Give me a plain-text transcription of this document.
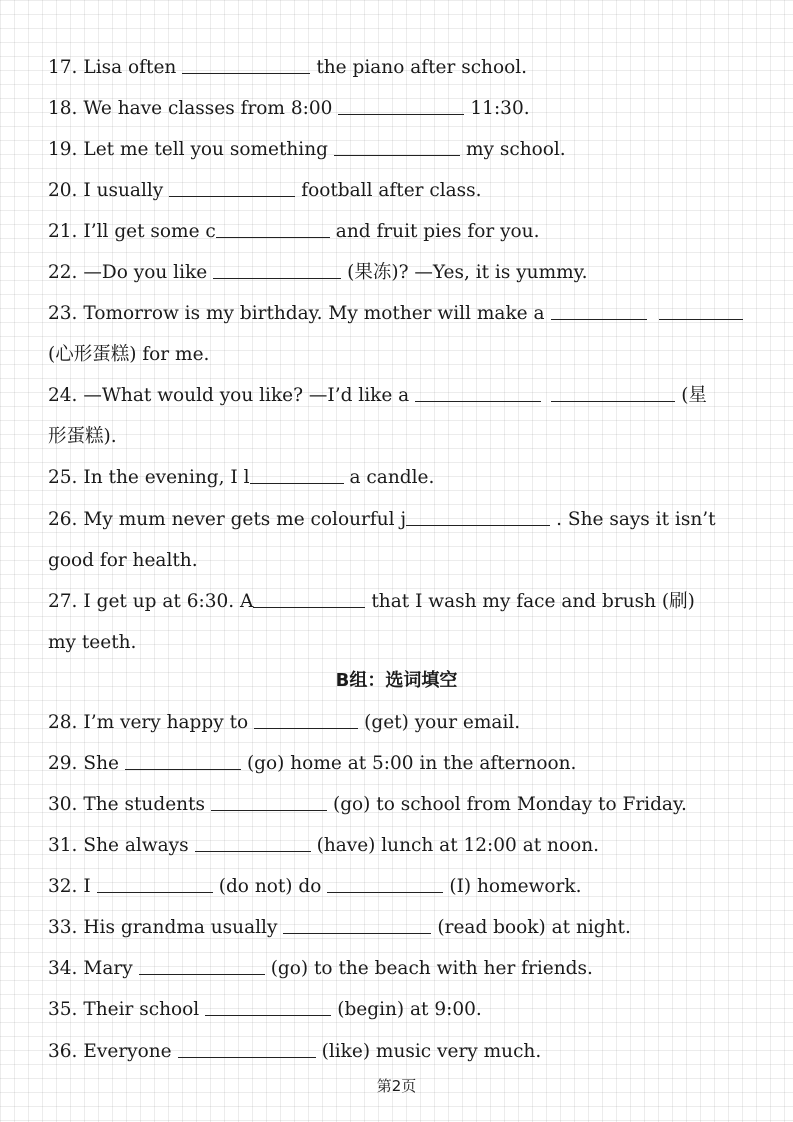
17. Lisa often	the piano after school.
18. We have classes from 8:00	11:30.
19. Let me tell you something	my school.
20. I usually	football after class.
21. I’ll get some c	and fruit pies for you.
22. —Do you like	(果冻)? —Yes, it is yummy.
23. Tomorrow is my birthday. My mother will make a
(心形蛋糕) for me.
24. —What would you like? —I’d like a	(星
形蛋糕).
25. In the evening, I l	a candle.
26. My mum never gets me colourful j	. She says it isn’t
good for health.
27. I get up at 6:30. A	that I wash my face and brush (刷)
my teeth.
B组：选词填空
28. I’m very happy to	(get) your email.
29. She	(go) home at 5:00 in the afternoon.
30. The students	(go) to school from Monday to Friday.
31. She always	(have) lunch at 12:00 at noon.
32. I	(do not) do	(I) homework.
33. His grandma usually	(read book) at night.
34. Mary	(go) to the beach with her friends.
35. Their school	(begin) at 9:00.
36. Everyone	(like) music very much.
第2页
